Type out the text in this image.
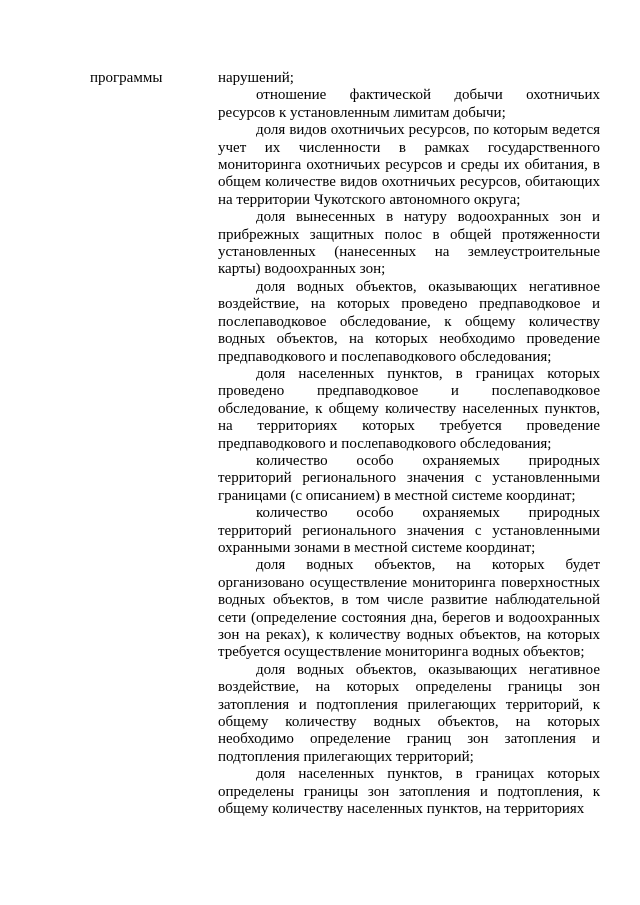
программы	нарушений;

отношение фактической добычи охотничьих ресурсов к установленным лимитам добычи;

доля видов охотничьих ресурсов, по которым ведется учет их численности в рамках государственного мониторинга охотничьих ресурсов и среды их обитания, в общем количестве видов охотничьих ресурсов, обитающих на территории Чукотского автономного округа;

доля вынесенных в натуру водоохранных зон и прибрежных защитных полос в общей протяженности установленных (нанесенных на землеустроительные карты) водоохранных зон;

доля водных объектов, оказывающих негативное воздействие, на которых проведено предпаводковое и послепаводковое обследование, к общему количеству водных объектов, на которых необходимо проведение предпаводкового и послепаводкового обследования;

доля населенных пунктов, в границах которых проведено предпаводковое и послепаводковое обследование, к общему количеству населенных пунктов, на территориях которых требуется проведение предпаводкового и послепаводкового обследования;

количество особо охраняемых природных территорий регионального значения с установленными границами (с описанием) в местной системе координат;

количество особо охраняемых природных территорий регионального значения с установленными охранными зонами в местной системе координат;

доля водных объектов, на которых будет организовано осуществление мониторинга поверхностных водных объектов, в том числе развитие наблюдательной сети (определение состояния дна, берегов и водоохранных зон на реках), к количеству водных объектов, на которых требуется осуществление мониторинга водных объектов;

доля водных объектов, оказывающих негативное воздействие, на которых определены границы зон затопления и подтопления прилегающих территорий, к общему количеству водных объектов, на которых необходимо определение границ зон затопления и подтопления прилегающих территорий;

доля населенных пунктов, в границах которых определены границы зон затопления и подтопления, к общему количеству населенных пунктов, на территориях
